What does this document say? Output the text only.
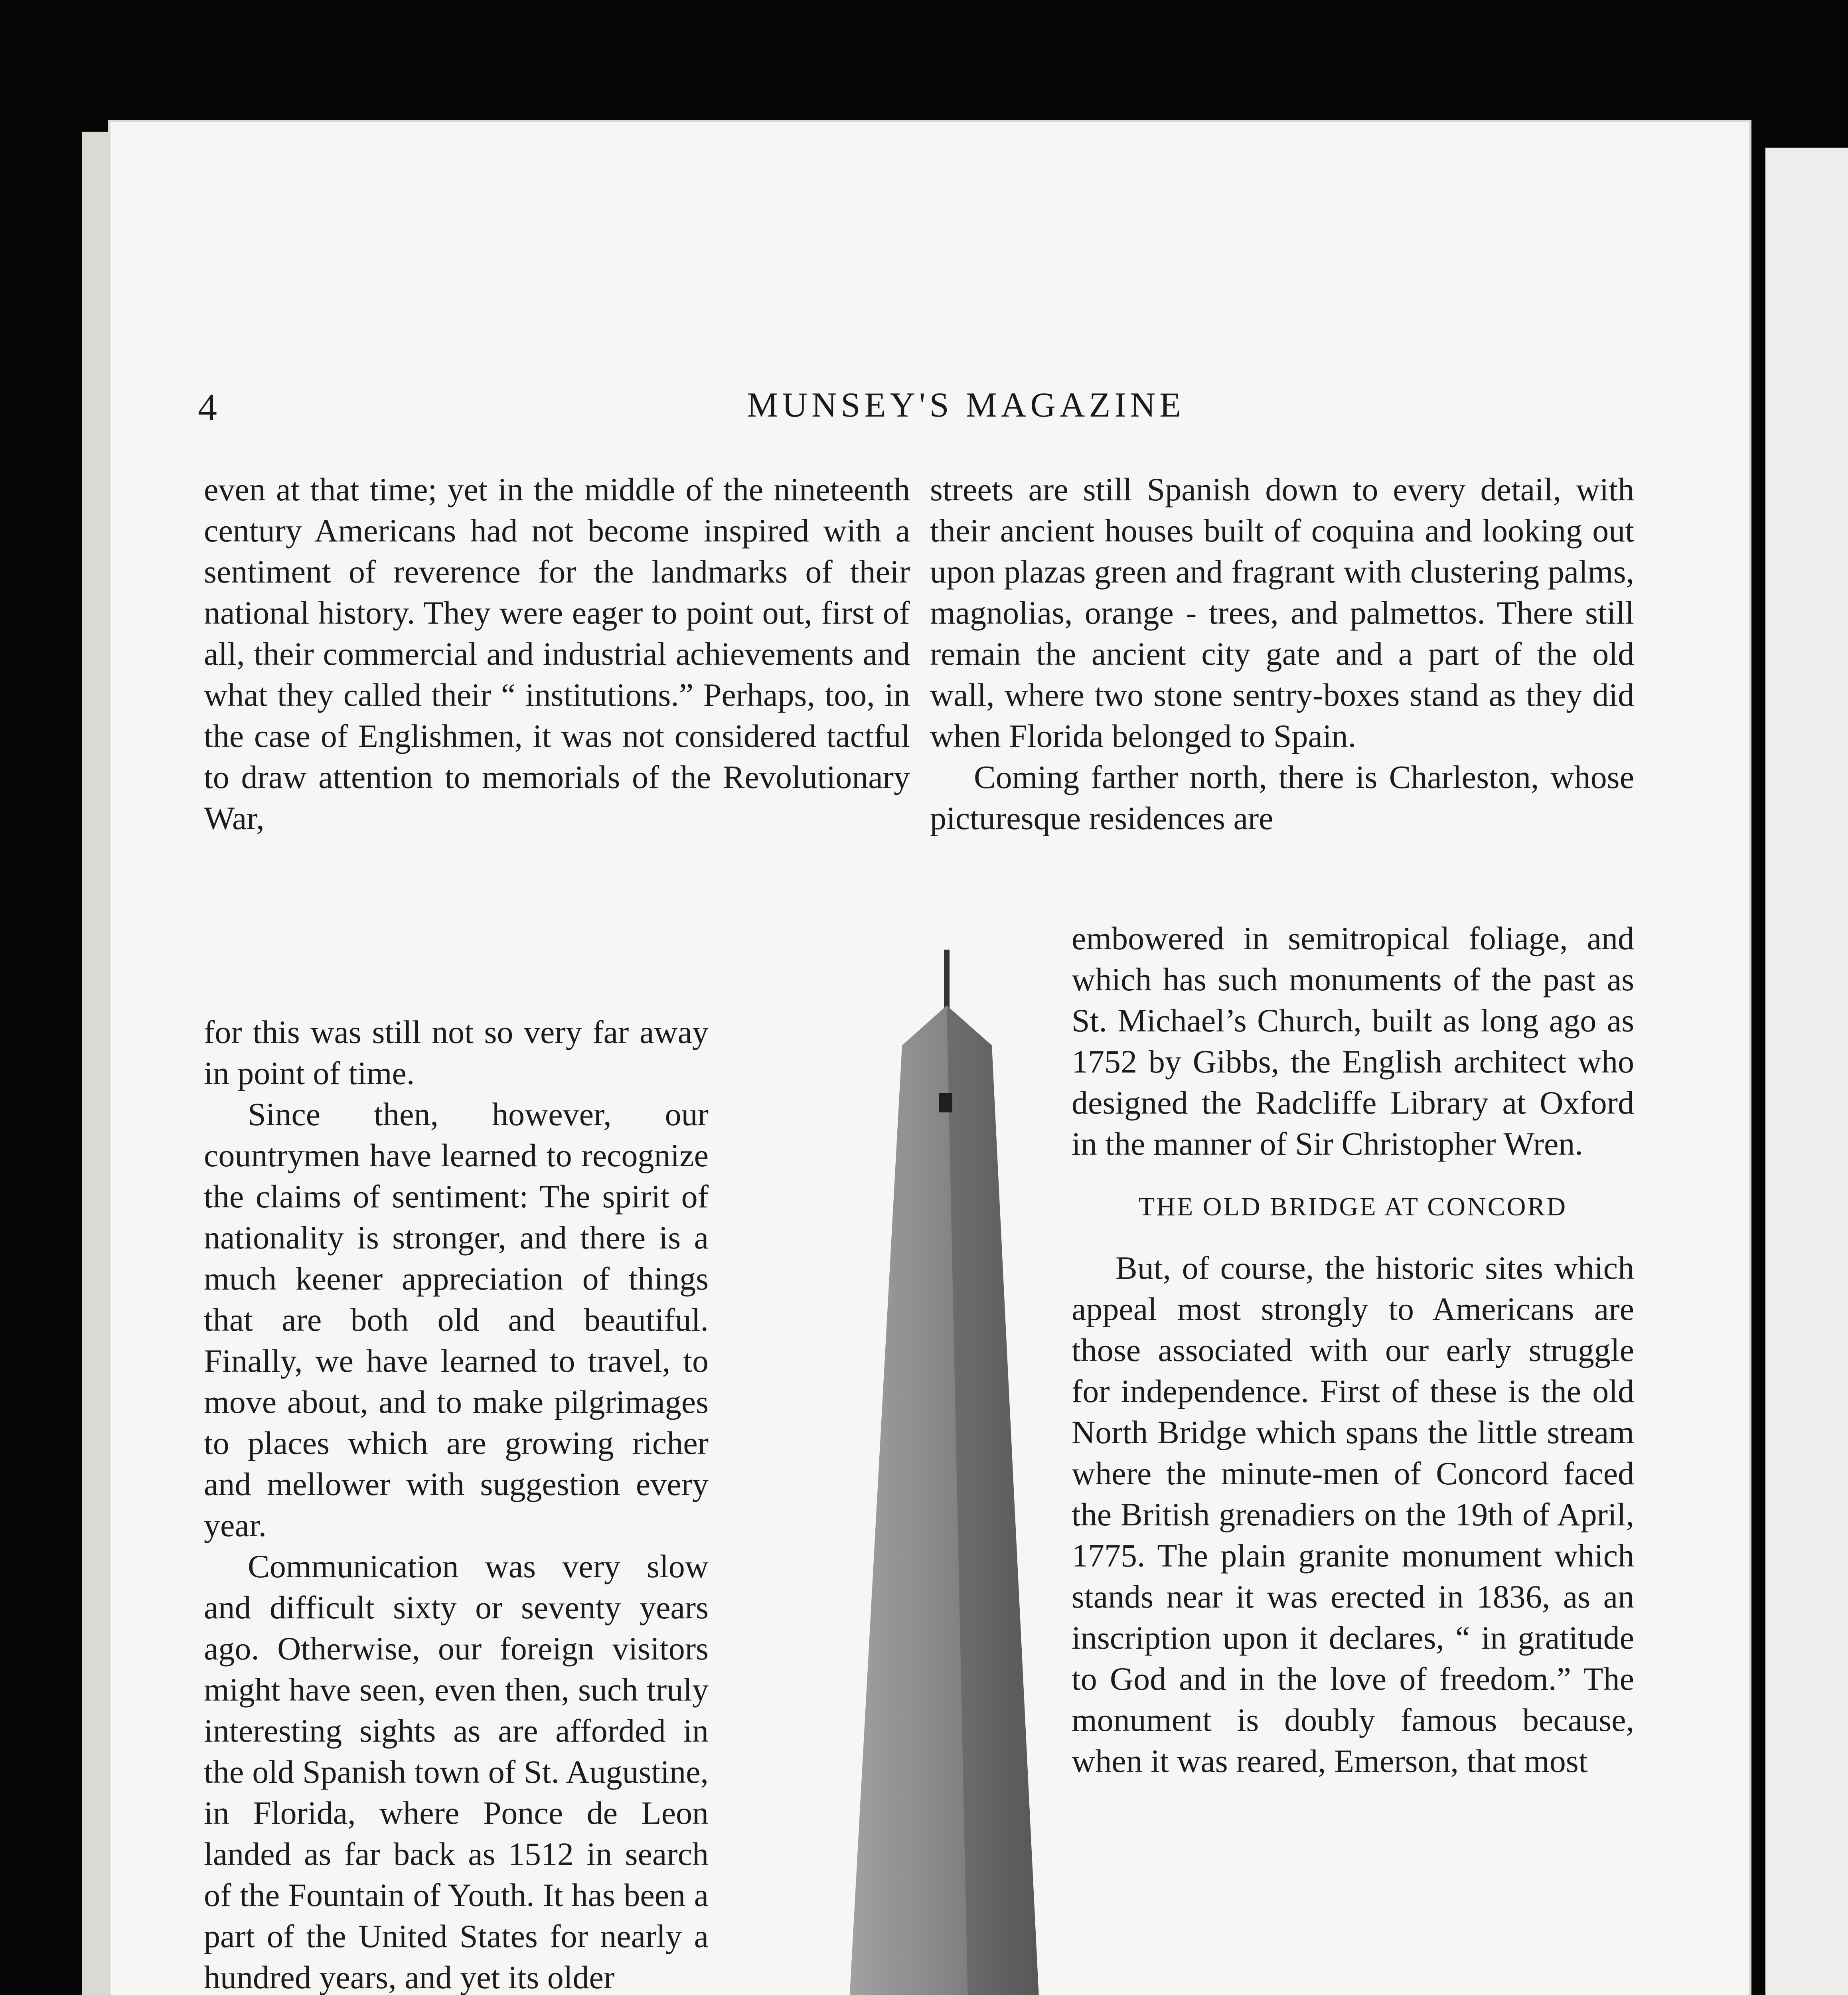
4	MUNSEY'S MAGAZINE

even at that time; yet in the middle of the nineteenth century Americans had not become inspired with a sentiment of reverence for the landmarks of their national history. They were eager to point out, first of all, their commercial and industrial achievements and what they called their “ institutions.” Perhaps, too, in the case of Englishmen, it was not considered tactful to draw attention to memorials of the Revolutionary War,

for this was still not so very far away in point of time.

Since then, however, our countrymen have learned to recognize the claims of sentiment: The spirit of nationality is stronger, and there is a much keener appreciation of things that are both old and beautiful. Finally, we have learned to travel, to move about, and to make pilgrimages to places which are growing richer and mellower with suggestion every year.

Communication was very slow and difficult sixty or seventy years ago. Otherwise, our foreign visitors might have seen, even then, such truly interesting sights as are afforded in the old Spanish town of St. Augustine, in Florida, where Ponce de Leon landed as far back as 1512 in search of the Fountain of Youth. It has been a part of the United States for nearly a hundred years, and yet its older

streets are still Spanish down to every detail, with their ancient houses built of coquina and looking out upon plazas green and fragrant with clustering palms, magnolias, orange - trees, and palmettos. There still remain the ancient city gate and a part of the old wall, where two stone sentry-boxes stand as they did when Florida belonged to Spain.

Coming farther north, there is Charleston, whose picturesque residences are

embowered in semitropical foliage, and which has such monuments of the past as St. Michael’s Church, built as long ago as 1752 by Gibbs, the English architect who designed the Radcliffe Library at Oxford in the manner of Sir Christopher Wren.

THE OLD BRIDGE AT CONCORD

But, of course, the historic sites which appeal most strongly to Americans are those associated with our early struggle for independence. First of these is the old North Bridge which spans the little stream where the minute-men of Concord faced the British grenadiers on the 19th of April, 1775. The plain granite monument which stands near it was erected in 1836, as an inscription upon it declares, “ in gratitude to God and in the love of freedom.” The monument is doubly famous because, when it was reared, Emerson, that most
